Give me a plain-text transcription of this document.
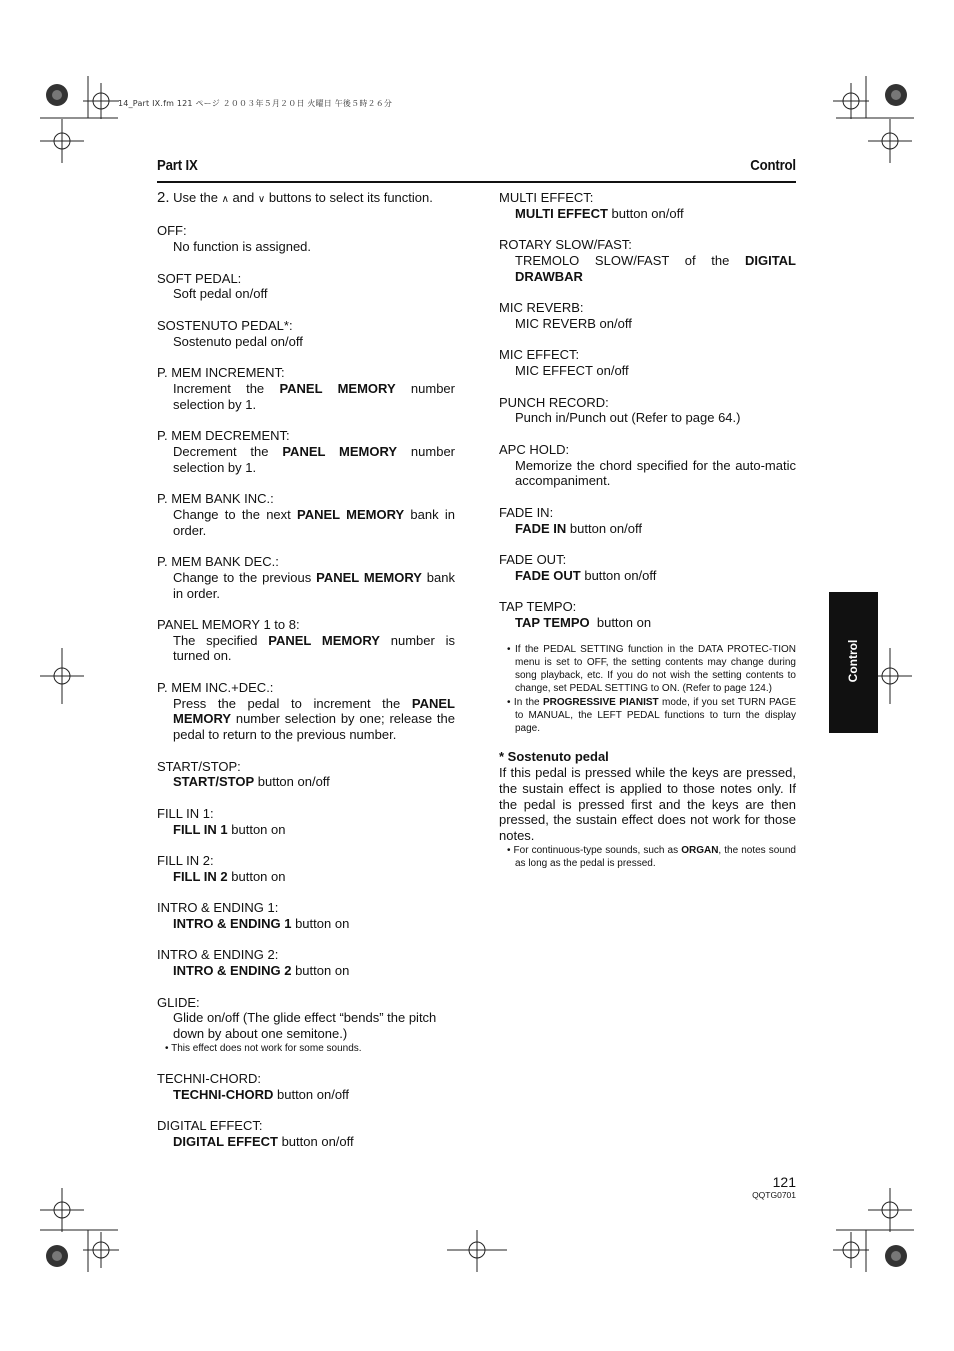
14_Part IX.fm 121 ページ ２００３年５月２０日 火曜日 午後５時２６分
Part IX	Control
2. Use the ∧ and ∨ buttons to select its function.
OFF:
No function is assigned.
SOFT PEDAL:
Soft pedal on/off
SOSTENUTO PEDAL*:
Sostenuto pedal on/off
P. MEM INCREMENT:
Increment the PANEL MEMORY number selection by 1.
P. MEM DECREMENT:
Decrement the PANEL MEMORY number selection by 1.
P. MEM BANK INC.:
Change to the next PANEL MEMORY bank in order.
P. MEM BANK DEC.:
Change to the previous PANEL MEMORY bank in order.
PANEL MEMORY 1 to 8:
The specified PANEL MEMORY number is turned on.
P. MEM INC.+DEC.:
Press the pedal to increment the PANEL MEMORY number selection by one; release the pedal to return to the previous number.
START/STOP:
START/STOP button on/off
FILL IN 1:
FILL IN 1 button on
FILL IN 2:
FILL IN 2 button on
INTRO & ENDING 1:
INTRO & ENDING 1 button on
INTRO & ENDING 2:
INTRO & ENDING 2 button on
GLIDE:
Glide on/off (The glide effect “bends” the pitch down by about one semitone.)
• This effect does not work for some sounds.
TECHNI-CHORD:
TECHNI-CHORD button on/off
DIGITAL EFFECT:
DIGITAL EFFECT button on/off
MULTI EFFECT:
MULTI EFFECT button on/off
ROTARY SLOW/FAST:
TREMOLO SLOW/FAST of the DIGITAL DRAWBAR
MIC REVERB:
MIC REVERB on/off
MIC EFFECT:
MIC EFFECT on/off
PUNCH RECORD:
Punch in/Punch out (Refer to page 64.)
APC HOLD:
Memorize the chord specified for the auto-matic accompaniment.
FADE IN:
FADE IN button on/off
FADE OUT:
FADE OUT button on/off
TAP TEMPO:
TAP TEMPO  button on
• If the PEDAL SETTING function in the DATA PROTEC-TION menu is set to OFF, the setting contents may change during song playback, etc. If you do not wish the setting contents to change, set PEDAL SETTING to ON. (Refer to page 124.)
• In the PROGRESSIVE PIANIST mode, if you set TURN PAGE to MANUAL, the LEFT PEDAL functions to turn the display page.
* Sostenuto pedal
If this pedal is pressed while the keys are pressed, the sustain effect is applied to those notes only. If the pedal is pressed first and the keys are then pressed, the sustain effect does not work for those notes.
• For continuous-type sounds, such as ORGAN, the notes sound as long as the pedal is pressed.
Control
121
QQTG0701
